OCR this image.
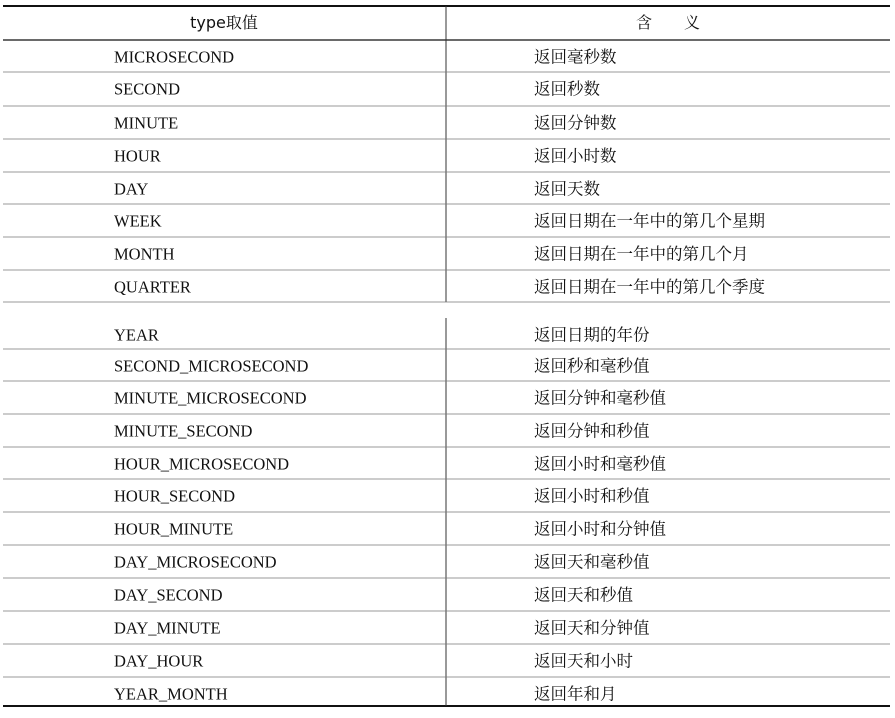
type取值	含　　义
MICROSECOND	返回毫秒数
SECOND	返回秒数
MINUTE	返回分钟数
HOUR	返回小时数
DAY	返回天数
WEEK	返回日期在一年中的第几个星期
MONTH	返回日期在一年中的第几个月
QUARTER	返回日期在一年中的第几个季度
YEAR	返回日期的年份
SECOND_MICROSECOND	返回秒和毫秒值
MINUTE_MICROSECOND	返回分钟和毫秒值
MINUTE_SECOND	返回分钟和秒值
HOUR_MICROSECOND	返回小时和毫秒值
HOUR_SECOND	返回小时和秒值
HOUR_MINUTE	返回小时和分钟值
DAY_MICROSECOND	返回天和毫秒值
DAY_SECOND	返回天和秒值
DAY_MINUTE	返回天和分钟值
DAY_HOUR	返回天和小时
YEAR_MONTH	返回年和月
